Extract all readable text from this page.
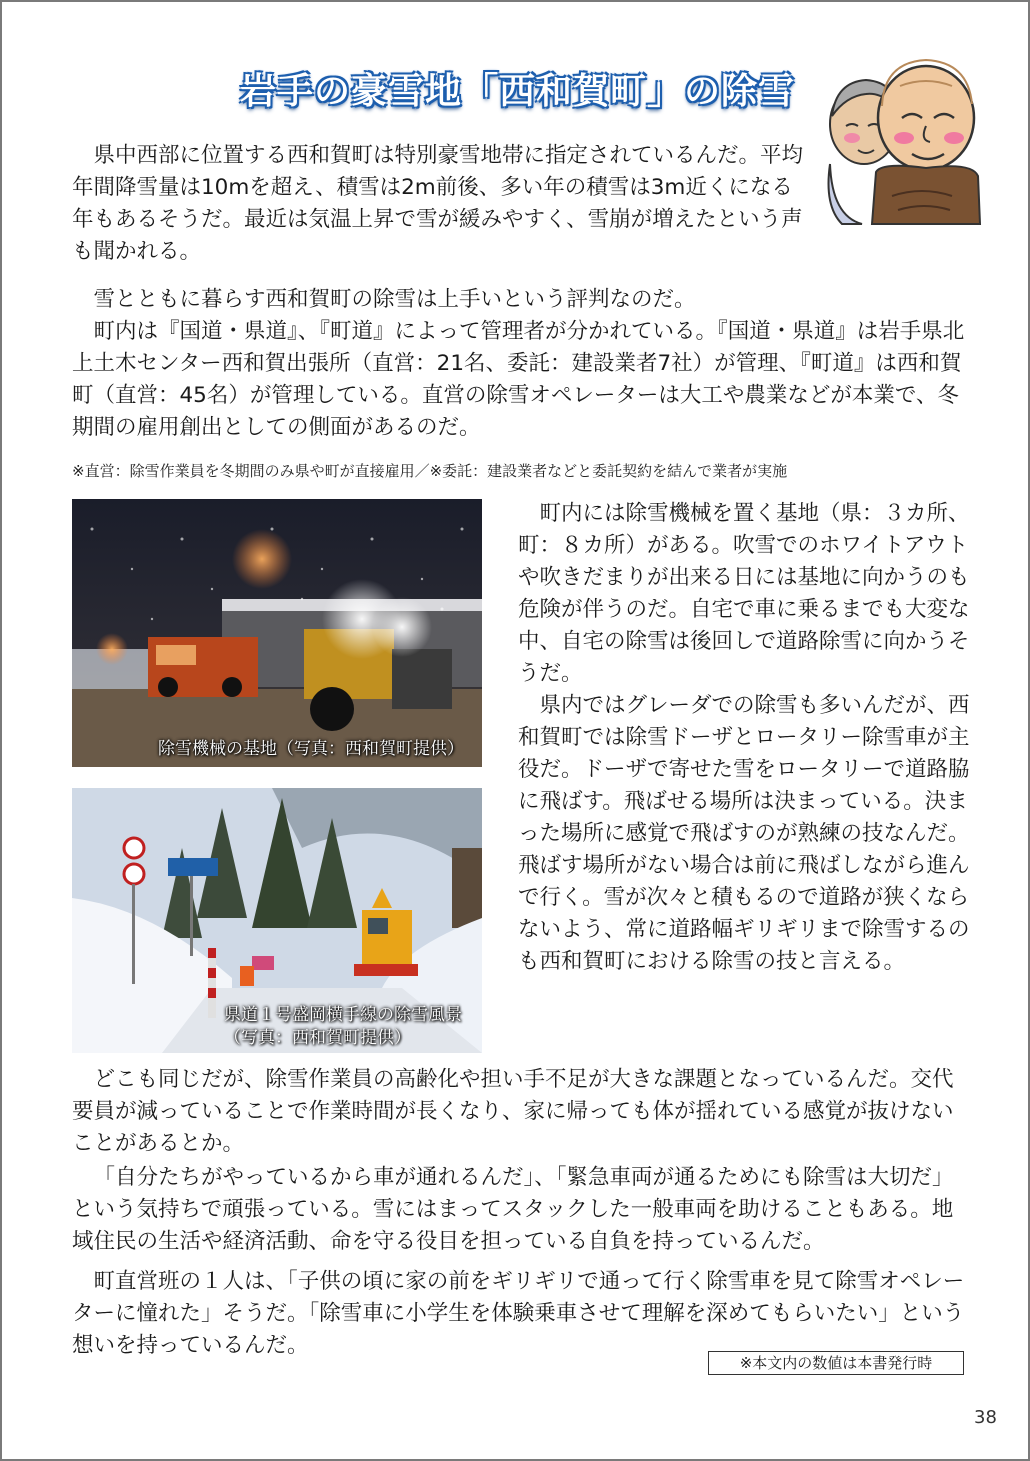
岩手の豪雪地「西和賀町」の除雪

県中西部に位置する西和賀町は特別豪雪地帯に指定されているんだ。平均年間降雪量は10mを超え、積雪は2m前後、多い年の積雪は3m近くになる年もあるそうだ。最近は気温上昇で雪が緩みやすく、雪崩が増えたという声も聞かれる。

雪とともに暮らす西和賀町の除雪は上手いという評判なのだ。

町内は『国道・県道』、『町道』によって管理者が分かれている。『国道・県道』は岩手県北上土木センター西和賀出張所（直営：21名、委託：建設業者7社）が管理、『町道』は西和賀町（直営：45名）が管理している。直営の除雪オペレーターは大工や農業などが本業で、冬期間の雇用創出としての側面があるのだ。

※直営：除雪作業員を冬期間のみ県や町が直接雇用／※委託：建設業者などと委託契約を結んで業者が実施

除雪機械の基地（写真：西和賀町提供）
県道１号盛岡横手線の除雪風景
（写真：西和賀町提供）

町内には除雪機械を置く基地（県：３カ所、町：８カ所）がある。吹雪でのホワイトアウトや吹きだまりが出来る日には基地に向かうのも危険が伴うのだ。自宅で車に乗るまでも大変な中、自宅の除雪は後回しで道路除雪に向かうそうだ。

県内ではグレーダでの除雪も多いんだが、西和賀町では除雪ドーザとロータリー除雪車が主役だ。ドーザで寄せた雪をロータリーで道路脇に飛ばす。飛ばせる場所は決まっている。決まった場所に感覚で飛ばすのが熟練の技なんだ。飛ばす場所がない場合は前に飛ばしながら進んで行く。雪が次々と積もるので道路が狭くならないよう、常に道路幅ギリギリまで除雪するのも西和賀町における除雪の技と言える。

どこも同じだが、除雪作業員の高齢化や担い手不足が大きな課題となっているんだ。交代要員が減っていることで作業時間が長くなり、家に帰っても体が揺れている感覚が抜けないことがあるとか。

「自分たちがやっているから車が通れるんだ」、「緊急車両が通るためにも除雪は大切だ」という気持ちで頑張っている。雪にはまってスタックした一般車両を助けることもある。地域住民の生活や経済活動、命を守る役目を担っている自負を持っているんだ。

町直営班の１人は、「子供の頃に家の前をギリギリで通って行く除雪車を見て除雪オペレーターに憧れた」そうだ。「除雪車に小学生を体験乗車させて理解を深めてもらいたい」という想いを持っているんだ。

※本文内の数値は本書発行時
38
